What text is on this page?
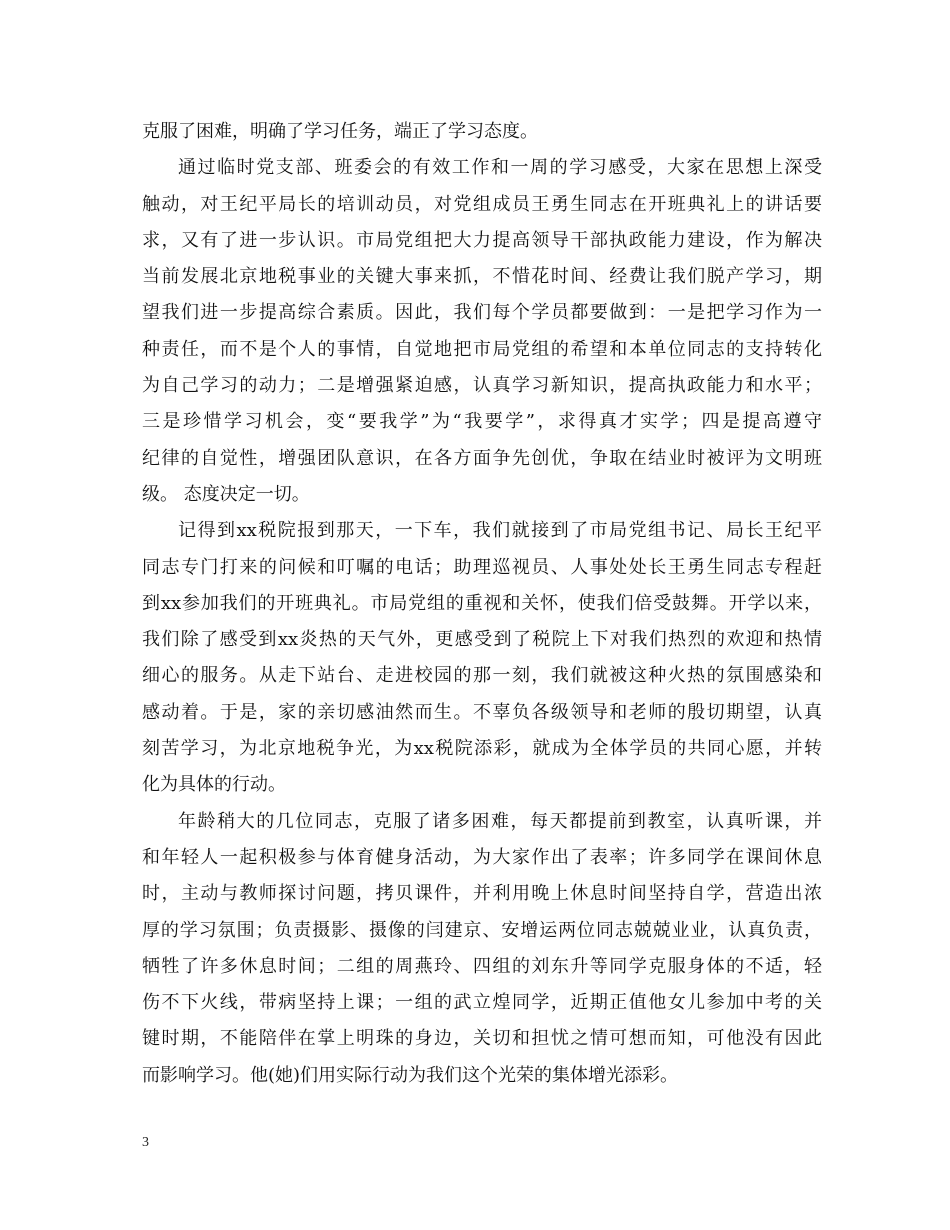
克服了困难，明确了学习任务，端正了学习态度。
通过临时党支部、班委会的有效工作和一周的学习感受，大家在思想上深受
触动，对王纪平局长的培训动员，对党组成员王勇生同志在开班典礼上的讲话要
求，又有了进一步认识。市局党组把大力提高领导干部执政能力建设，作为解决
当前发展北京地税事业的关键大事来抓，不惜花时间、经费让我们脱产学习，期
望我们进一步提高综合素质。因此，我们每个学员都要做到：一是把学习作为一
种责任，而不是个人的事情，自觉地把市局党组的希望和本单位同志的支持转化
为自己学习的动力；二是增强紧迫感，认真学习新知识，提高执政能力和水平；
三是珍惜学习机会，变“要我学”为“我要学”，求得真才实学；四是提高遵守
纪律的自觉性，增强团队意识，在各方面争先创优，争取在结业时被评为文明班
级。 态度决定一切。
记得到xx税院报到那天，一下车，我们就接到了市局党组书记、局长王纪平
同志专门打来的问候和叮嘱的电话；助理巡视员、人事处处长王勇生同志专程赶
到xx参加我们的开班典礼。市局党组的重视和关怀，使我们倍受鼓舞。开学以来，
我们除了感受到xx炎热的天气外，更感受到了税院上下对我们热烈的欢迎和热情
细心的服务。从走下站台、走进校园的那一刻，我们就被这种火热的氛围感染和
感动着。于是，家的亲切感油然而生。不辜负各级领导和老师的殷切期望，认真
刻苦学习，为北京地税争光，为xx税院添彩，就成为全体学员的共同心愿，并转
化为具体的行动。
年龄稍大的几位同志，克服了诸多困难，每天都提前到教室，认真听课，并
和年轻人一起积极参与体育健身活动，为大家作出了表率；许多同学在课间休息
时，主动与教师探讨问题，拷贝课件，并利用晚上休息时间坚持自学，营造出浓
厚的学习氛围；负责摄影、摄像的闫建京、安增运两位同志兢兢业业，认真负责，
牺牲了许多休息时间；二组的周燕玲、四组的刘东升等同学克服身体的不适，轻
伤不下火线，带病坚持上课；一组的武立煌同学，近期正值他女儿参加中考的关
键时期，不能陪伴在掌上明珠的身边，关切和担忧之情可想而知，可他没有因此
而影响学习。他(她)们用实际行动为我们这个光荣的集体增光添彩。
3
